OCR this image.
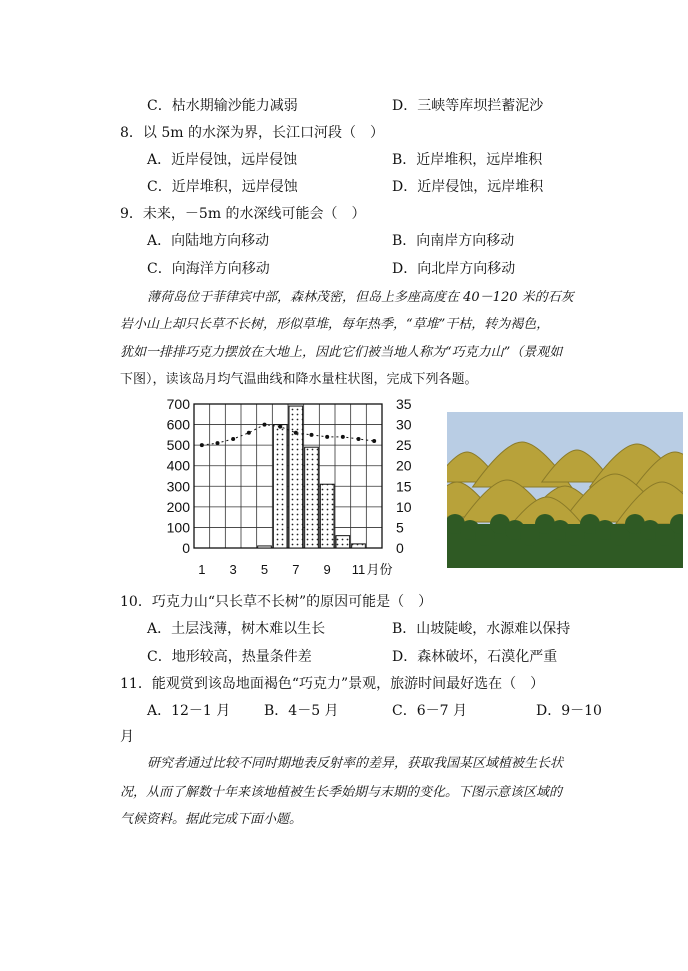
C．枯水期输沙能力减弱	D．三峡等库坝拦蓄泥沙
8．以 5m 的水深为界，长江口河段（　）
A．近岸侵蚀，远岸侵蚀	B．近岸堆积，远岸堆积
C．近岸堆积，远岸侵蚀	D．近岸侵蚀，远岸堆积
9．未来，－5m 的水深线可能会（　）
A．向陆地方向移动	B．向南岸方向移动
C．向海洋方向移动	D．向北岸方向移动
薄荷岛位于菲律宾中部，森林茂密，但岛上多座高度在 40－120 米的石灰
岩小山上却只长草不长树，形似草堆，每年热季，“草堆”干枯，转为褐色，
犹如一排排巧克力摆放在大地上，因此它们被当地人称为“巧克力山”（景观如
下图），读该岛月均气温曲线和降水量柱状图，完成下列各题。
700
600
500
400
300
200
100
0
35
30
25
20
15
10
5
0
1 3 5 7 9 11 月份
10．巧克力山“只长草不长树”的原因可能是（　）
A．土层浅薄，树木难以生长	B．山坡陡峻，水源难以保持
C．地形较高，热量条件差	D．森林破坏，石漠化严重
11．能观赏到该岛地面褐色“巧克力”景观，旅游时间最好选在（　）
A．12－1 月 B．4－5 月	C．6－7 月	D．9－10
月
研究者通过比较不同时期地表反射率的差异，获取我国某区域植被生长状
况，从而了解数十年来该地植被生长季始期与末期的变化。下图示意该区域的
气候资料。据此完成下面小题。
